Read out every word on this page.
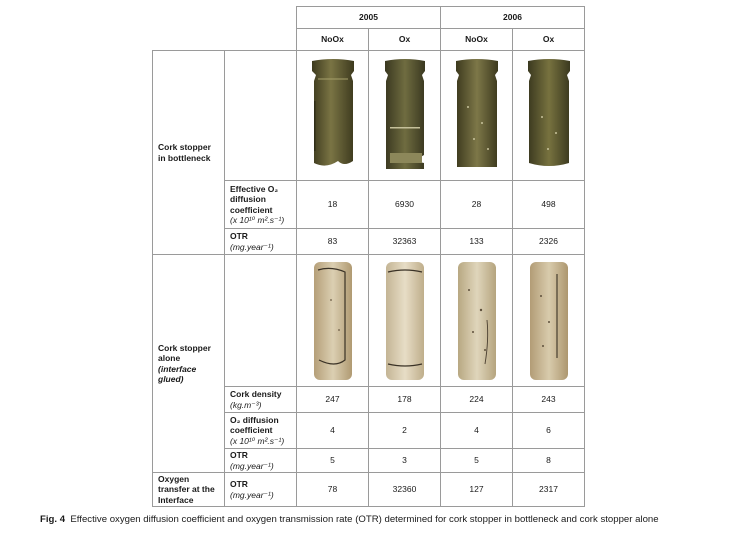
		2005		2006	
		NoOx	Ox	NoOx	Ox
Cork stopper in bottleneck		

	Effective O₂ diffusion coefficient
(x 10¹⁰ m².s⁻¹)	18	6930	28	498

	OTR
(mg.year⁻¹)	83	32363	133	2326
Cork stopper alone
(interface glued)		

	Cork density
(kg.m⁻³)	247	178	224	243

	O₂ diffusion coefficient
(x 10¹⁰ m².s⁻¹)	4	2	4	6

	OTR
(mg.year⁻¹)	5	3	5	8
Oxygen transfer at the Interface	OTR
(mg.year⁻¹)	78	32360	127	2317
Fig. 4 Effective oxygen diffusion coefficient and oxygen transmission rate (OTR) determined for cork stopper in bottleneck and cork stopper alone
